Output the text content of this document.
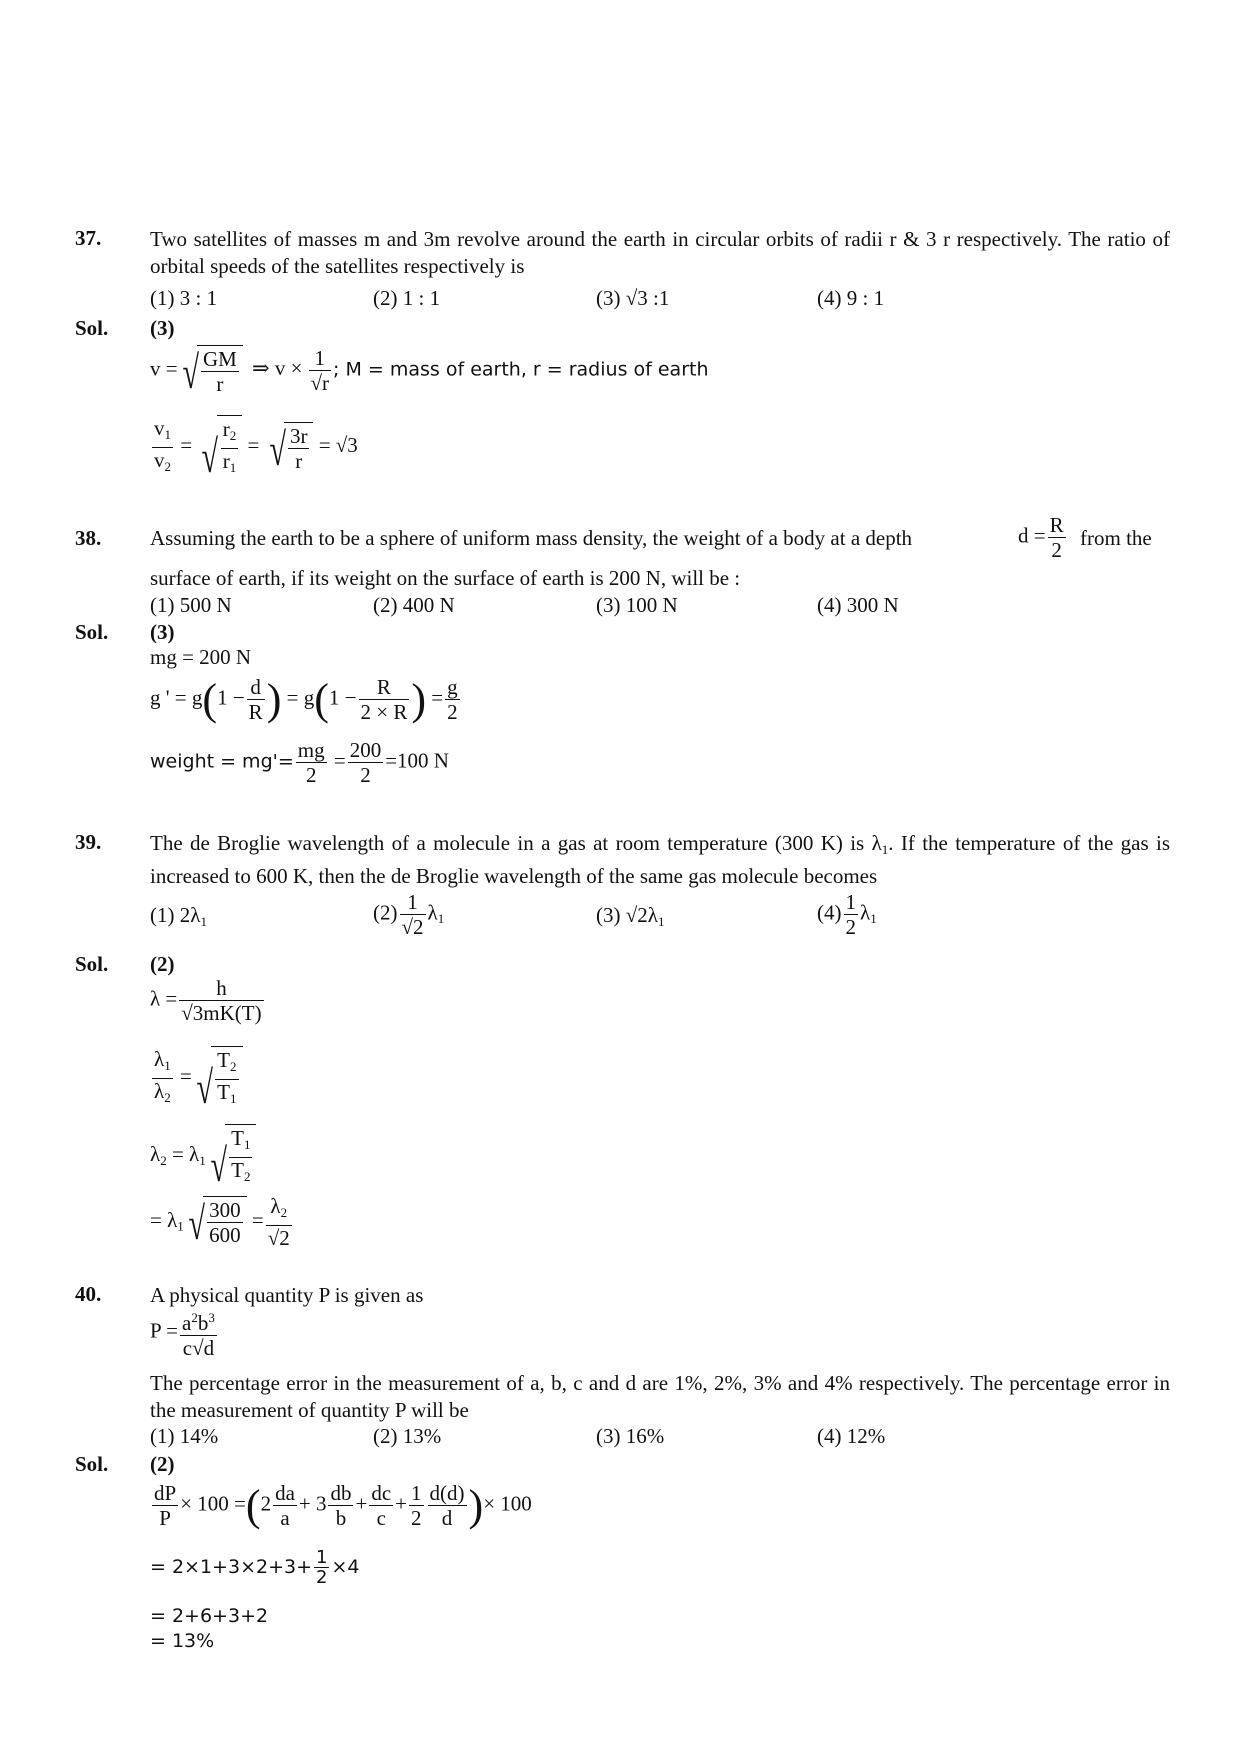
37. Two satellites of masses m and 3m revolve around the earth in circular orbits of radii r & 3 r respectively. The ratio of orbital speeds of the satellites respectively is
(1) 3 : 1	(2) 1 : 1	(3) √3 :1	(4) 9 : 1
Sol. (3)
v = √ $\frac{GM}{r}$ ⇒ $v \times \frac{1}{√r}$ ; M = mass of earth, r = radius of earth
$\frac{v_1}{v_2}$ = √ $\frac{r_2}{r_1}$ = √ $\frac{3r}{r} = √3$
38. Assuming the earth to be a sphere of uniform mass density, the weight of a body at a depth	$d = \frac{R}{2}$ from the
surface of earth, if its weight on the surface of earth is 200 N, will be :
(1) 500 N	(2) 400 N	(3) 100 N	(4) 300 N
Sol. (3)
mg = 200 N
g ' = $g(1 - \frac{d}{R}$ ) = $g(1 - \frac{R}{2 \times R}$ ) = $\frac{g}{2}$
weight = $mg'= \frac{mg}{2} = \frac{200}{2} =100$ N
39. The de Broglie wavelength of a molecule in a gas at room temperature (300 K) is $\lambda_1$. If the temperature of the gas is increased to 600 K, then the de Broglie wavelength of the same gas molecule becomes
(1) $2\lambda_1$	$(2) \frac{1}{√2} \lambda_1$	(3) $√2\lambda_1$	$(4) \frac{1}{2} \lambda_1$
Sol. (2)
$\lambda = \frac{h}{√3mK(T)}$
$\frac{\lambda_1}{\lambda_2}$ = √ $\frac{T_2}{T_1}$
$\lambda_2 = \lambda_1$ √ $\frac{T_1}{T_2}$
= $\lambda_1$ √ $\frac{300}{600} = \frac{\lambda_2}{√2}$
40. A physical quantity P is given as
$P = \frac{a^2b^3}{c√d}$
The percentage error in the measurement of a, b, c and d are 1%, 2%, 3% and 4% respectively. The percentage error in the measurement of quantity P will be
(1) 14%	(2) 13%	(3) 16%	(4) 12%
Sol. (2)
$\frac{dP}{P} \times 100 =(2 \frac{da}{a} + 3 \frac{db}{b} + \frac{dc}{c} + \frac{1}{2} \frac{d(d)}{d}$ )× 100
= $2\times 1+3\times 2+3+ \frac{1}{2} \times 4$
= 2+6+3+2
= 13%
